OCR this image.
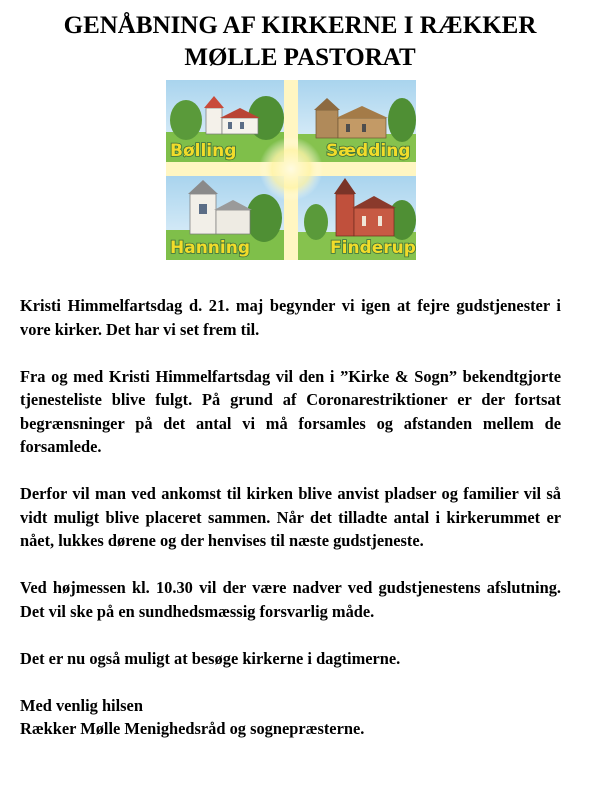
GENÅBNING AF KIRKERNE I RÆKKER
MØLLE PASTORAT
Bølling	Sædding
Hanning	Finderup

Kristi Himmelfartsdag d. 21. maj begynder vi igen at fejre gudstjenester i vore kirker. Det har vi set frem til.

Fra og med Kristi Himmelfartsdag vil den i ”Kirke & Sogn” bekendtgjorte tjenesteliste blive fulgt. På grund af Coronarestriktioner er der fortsat begrænsninger på det antal vi må forsamles og afstanden mellem de forsamlede.

Derfor vil man ved ankomst til kirken blive anvist pladser og familier vil så vidt muligt blive placeret sammen. Når det tilladte antal i kirkerummet er nået, lukkes dørene og der henvises til næste gudstjeneste.

Ved højmessen kl. 10.30 vil der være nadver ved gudstjenestens afslutning. Det vil ske på en sundhedsmæssig forsvarlig måde.

Det er nu også muligt at besøge kirkerne i dagtimerne.

Med venlig hilsen
Rækker Mølle Menighedsråd og sognepræsterne.
